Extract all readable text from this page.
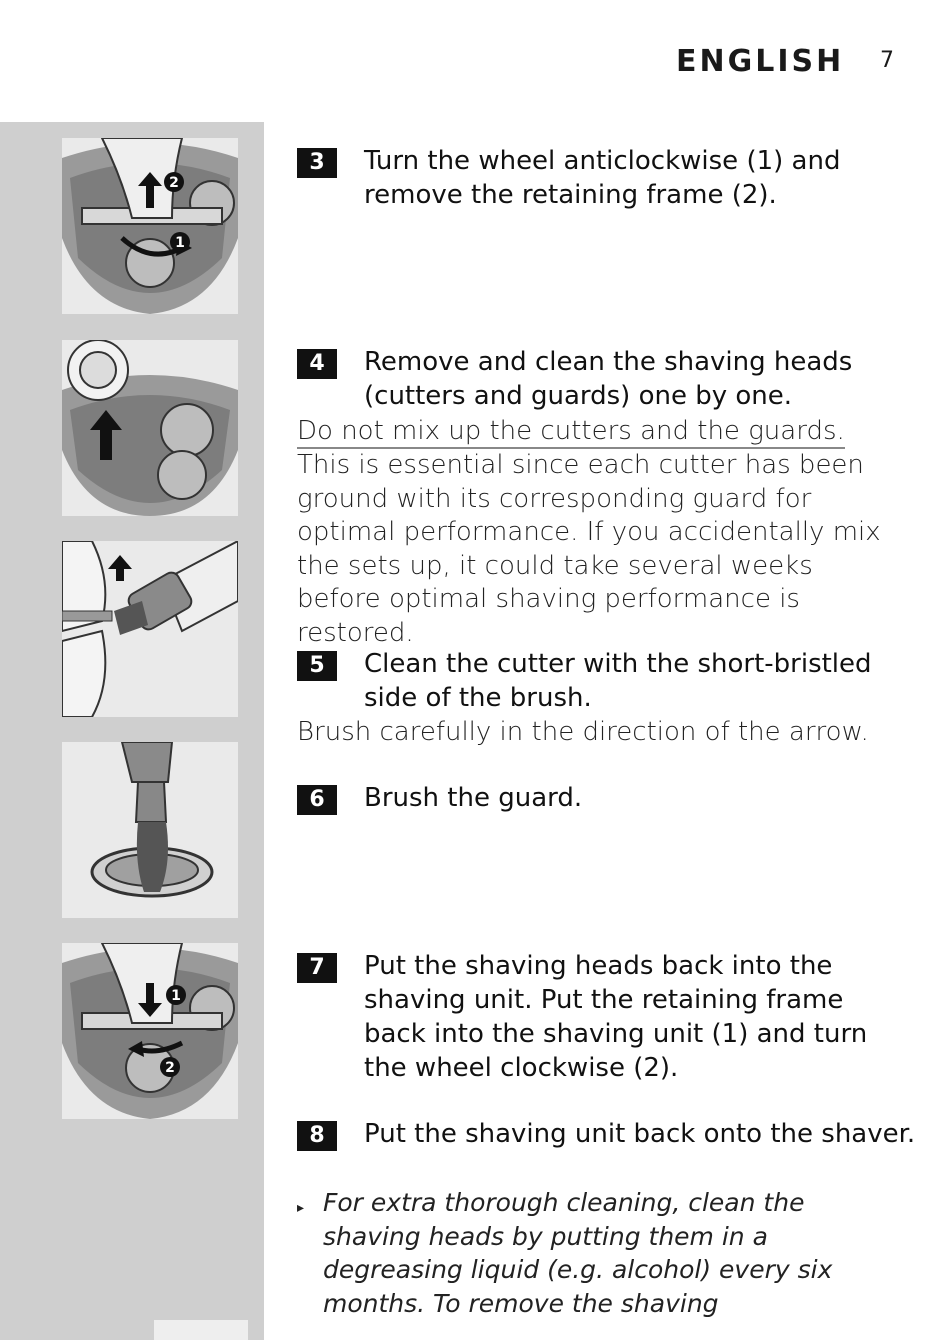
ENGLISH 7
2
1
1
2
3	Turn the wheel anticlockwise (1) and remove the retaining frame (2).
4	Remove and clean the shaving heads (cutters and guards) one by one.
Do not mix up the cutters and the guards.
This is essential since each cutter has been ground with its corresponding guard for optimal performance. If you accidentally mix the sets up, it could take several weeks before optimal shaving performance is restored.
5	Clean the cutter with the short-bristled side of the brush.
Brush carefully in the direction of the arrow.
6	Brush the guard.
7	Put the shaving heads back into the shaving unit. Put the retaining frame back into the shaving unit (1) and turn the wheel clockwise (2).
8	Put the shaving unit back onto the shaver.
▸ For extra thorough cleaning, clean the shaving heads by putting them in a degreasing liquid (e.g. alcohol) every six months. To remove the shaving
